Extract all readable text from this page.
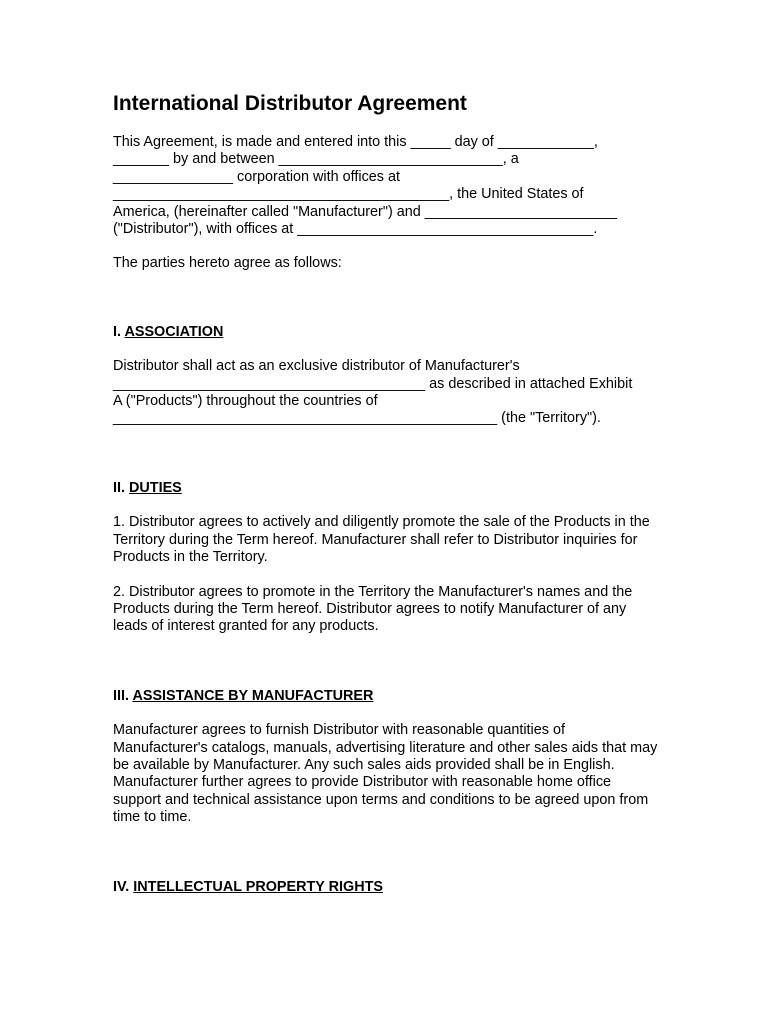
International Distributor Agreement

This Agreement, is made and entered into this _____ day of ____________,
_______ by and between ____________________________, a
_______________ corporation with offices at
__________________________________________, the United States of
America, (hereinafter called "Manufacturer") and ________________________
("Distributor"), with offices at _____________________________________.

The parties hereto agree as follows:

I. ASSOCIATION

Distributor shall act as an exclusive distributor of Manufacturer's
_______________________________________ as described in attached Exhibit
A ("Products") throughout the countries of
________________________________________________ (the "Territory").

II. DUTIES

1. Distributor agrees to actively and diligently promote the sale of the Products in the Territory during the Term hereof. Manufacturer shall refer to Distributor inquiries for Products in the Territory.

2. Distributor agrees to promote in the Territory the Manufacturer's names and the Products during the Term hereof. Distributor agrees to notify Manufacturer of any leads of interest granted for any products.

III. ASSISTANCE BY MANUFACTURER

Manufacturer agrees to furnish Distributor with reasonable quantities of Manufacturer's catalogs, manuals, advertising literature and other sales aids that may be available by Manufacturer. Any such sales aids provided shall be in English. Manufacturer further agrees to provide Distributor with reasonable home office support and technical assistance upon terms and conditions to be agreed upon from time to time.

IV. INTELLECTUAL PROPERTY RIGHTS
